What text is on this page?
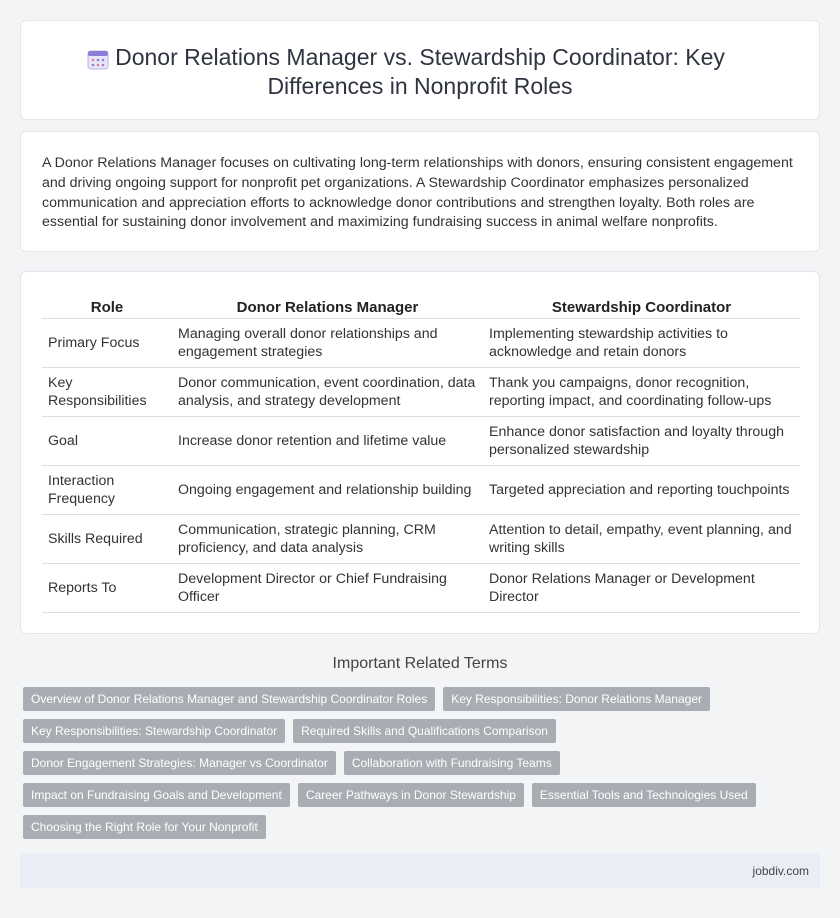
Donor Relations Manager vs. Stewardship Coordinator: Key Differences in Nonprofit Roles

A Donor Relations Manager focuses on cultivating long-term relationships with donors, ensuring consistent engagement and driving ongoing support for nonprofit pet organizations. A Stewardship Coordinator emphasizes personalized communication and appreciation efforts to acknowledge donor contributions and strengthen loyalty. Both roles are essential for sustaining donor involvement and maximizing fundraising success in animal welfare nonprofits.

Role	Donor Relations Manager	Stewardship Coordinator
Primary Focus	Managing overall donor relationships and engagement strategies	Implementing stewardship activities to acknowledge and retain donors
Key Responsibilities	Donor communication, event coordination, data analysis, and strategy development	Thank you campaigns, donor recognition, reporting impact, and coordinating follow-ups
Goal	Increase donor retention and lifetime value	Enhance donor satisfaction and loyalty through personalized stewardship
Interaction Frequency	Ongoing engagement and relationship building	Targeted appreciation and reporting touchpoints
Skills Required	Communication, strategic planning, CRM proficiency, and data analysis	Attention to detail, empathy, event planning, and writing skills
Reports To	Development Director or Chief Fundraising Officer	Donor Relations Manager or Development Director
Important Related Terms
Overview of Donor Relations Manager and Stewardship Coordinator Roles	Key Responsibilities: Donor Relations Manager
Key Responsibilities: Stewardship Coordinator	Required Skills and Qualifications Comparison
Donor Engagement Strategies: Manager vs Coordinator	Collaboration with Fundraising Teams
Impact on Fundraising Goals and Development	Career Pathways in Donor Stewardship	Essential Tools and Technologies Used
Choosing the Right Role for Your Nonprofit
jobdiv.com
